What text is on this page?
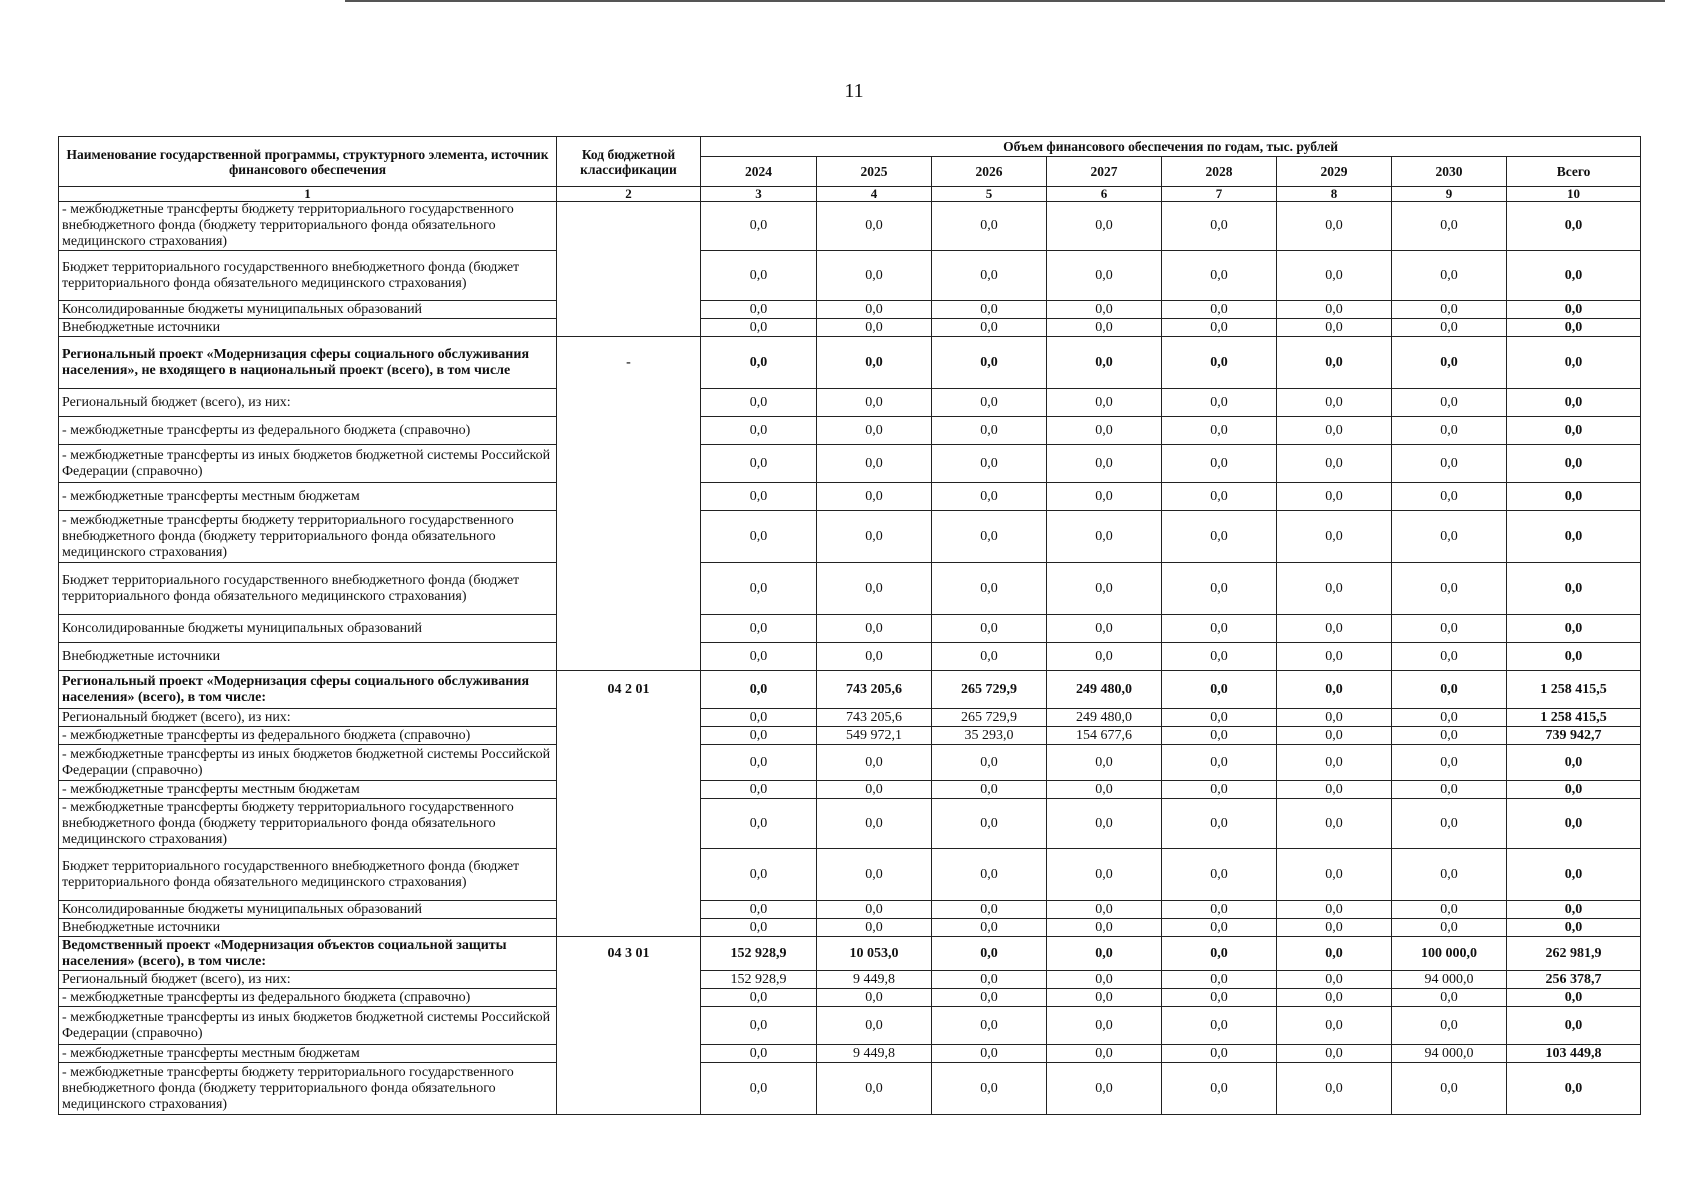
11
Наименование государственной программы, структурного элемента, источник финансового обеспечения	Код бюджетной классификации	Объем финансового обеспечения по годам, тыс. рублей							
		2024	2025	2026	2027	2028	2029	2030	Всего
1	2	3	4	5	6	7	8	9	10
- межбюджетные трансферты бюджету территориального государственного внебюджетного фонда (бюджету территориального фонда обязательного медицинского страхования)		0,0	0,0	0,0	0,0	0,0	0,0	0,0	0,0
Бюджет территориального государственного внебюджетного фонда (бюджет территориального фонда обязательного медицинского страхования)		0,0	0,0	0,0	0,0	0,0	0,0	0,0	0,0
Консолидированные бюджеты муниципальных образований		0,0	0,0	0,0	0,0	0,0	0,0	0,0	0,0
Внебюджетные источники		0,0	0,0	0,0	0,0	0,0	0,0	0,0	0,0
Региональный проект «Модернизация сферы социального обслуживания населения», не входящего в национальный проект (всего), в том числе	-	0,0	0,0	0,0	0,0	0,0	0,0	0,0	0,0
Региональный бюджет (всего), из них:		0,0	0,0	0,0	0,0	0,0	0,0	0,0	0,0
- межбюджетные трансферты из федерального бюджета (справочно)		0,0	0,0	0,0	0,0	0,0	0,0	0,0	0,0
- межбюджетные трансферты из иных бюджетов бюджетной системы Российской Федерации (справочно)		0,0	0,0	0,0	0,0	0,0	0,0	0,0	0,0
- межбюджетные трансферты местным бюджетам		0,0	0,0	0,0	0,0	0,0	0,0	0,0	0,0
- межбюджетные трансферты бюджету территориального государственного внебюджетного фонда (бюджету территориального фонда обязательного медицинского страхования)		0,0	0,0	0,0	0,0	0,0	0,0	0,0	0,0
Бюджет территориального государственного внебюджетного фонда (бюджет территориального фонда обязательного медицинского страхования)		0,0	0,0	0,0	0,0	0,0	0,0	0,0	0,0
Консолидированные бюджеты муниципальных образований		0,0	0,0	0,0	0,0	0,0	0,0	0,0	0,0
Внебюджетные источники		0,0	0,0	0,0	0,0	0,0	0,0	0,0	0,0
Региональный проект «Модернизация сферы социального обслуживания населения» (всего), в том числе:	04 2 01	0,0	743 205,6	265 729,9	249 480,0	0,0	0,0	0,0	1 258 415,5
Региональный бюджет (всего), из них:		0,0	743 205,6	265 729,9	249 480,0	0,0	0,0	0,0	1 258 415,5
- межбюджетные трансферты из федерального бюджета (справочно)		0,0	549 972,1	35 293,0	154 677,6	0,0	0,0	0,0	739 942,7
- межбюджетные трансферты из иных бюджетов бюджетной системы Российской Федерации (справочно)		0,0	0,0	0,0	0,0	0,0	0,0	0,0	0,0
- межбюджетные трансферты местным бюджетам		0,0	0,0	0,0	0,0	0,0	0,0	0,0	0,0
- межбюджетные трансферты бюджету территориального государственного внебюджетного фонда (бюджету территориального фонда обязательного медицинского страхования)		0,0	0,0	0,0	0,0	0,0	0,0	0,0	0,0
Бюджет территориального государственного внебюджетного фонда (бюджет территориального фонда обязательного медицинского страхования)		0,0	0,0	0,0	0,0	0,0	0,0	0,0	0,0
Консолидированные бюджеты муниципальных образований		0,0	0,0	0,0	0,0	0,0	0,0	0,0	0,0
Внебюджетные источники		0,0	0,0	0,0	0,0	0,0	0,0	0,0	0,0
Ведомственный проект «Модернизация объектов социальной защиты населения» (всего), в том числе:	04 3 01	152 928,9	10 053,0	0,0	0,0	0,0	0,0	100 000,0	262 981,9
Региональный бюджет (всего), из них:		152 928,9	9 449,8	0,0	0,0	0,0	0,0	94 000,0	256 378,7
- межбюджетные трансферты из федерального бюджета (справочно)		0,0	0,0	0,0	0,0	0,0	0,0	0,0	0,0
- межбюджетные трансферты из иных бюджетов бюджетной системы Российской Федерации (справочно)		0,0	0,0	0,0	0,0	0,0	0,0	0,0	0,0
- межбюджетные трансферты местным бюджетам		0,0	9 449,8	0,0	0,0	0,0	0,0	94 000,0	103 449,8
- межбюджетные трансферты бюджету территориального государственного внебюджетного фонда (бюджету территориального фонда обязательного медицинского страхования)		0,0	0,0	0,0	0,0	0,0	0,0	0,0	0,0
